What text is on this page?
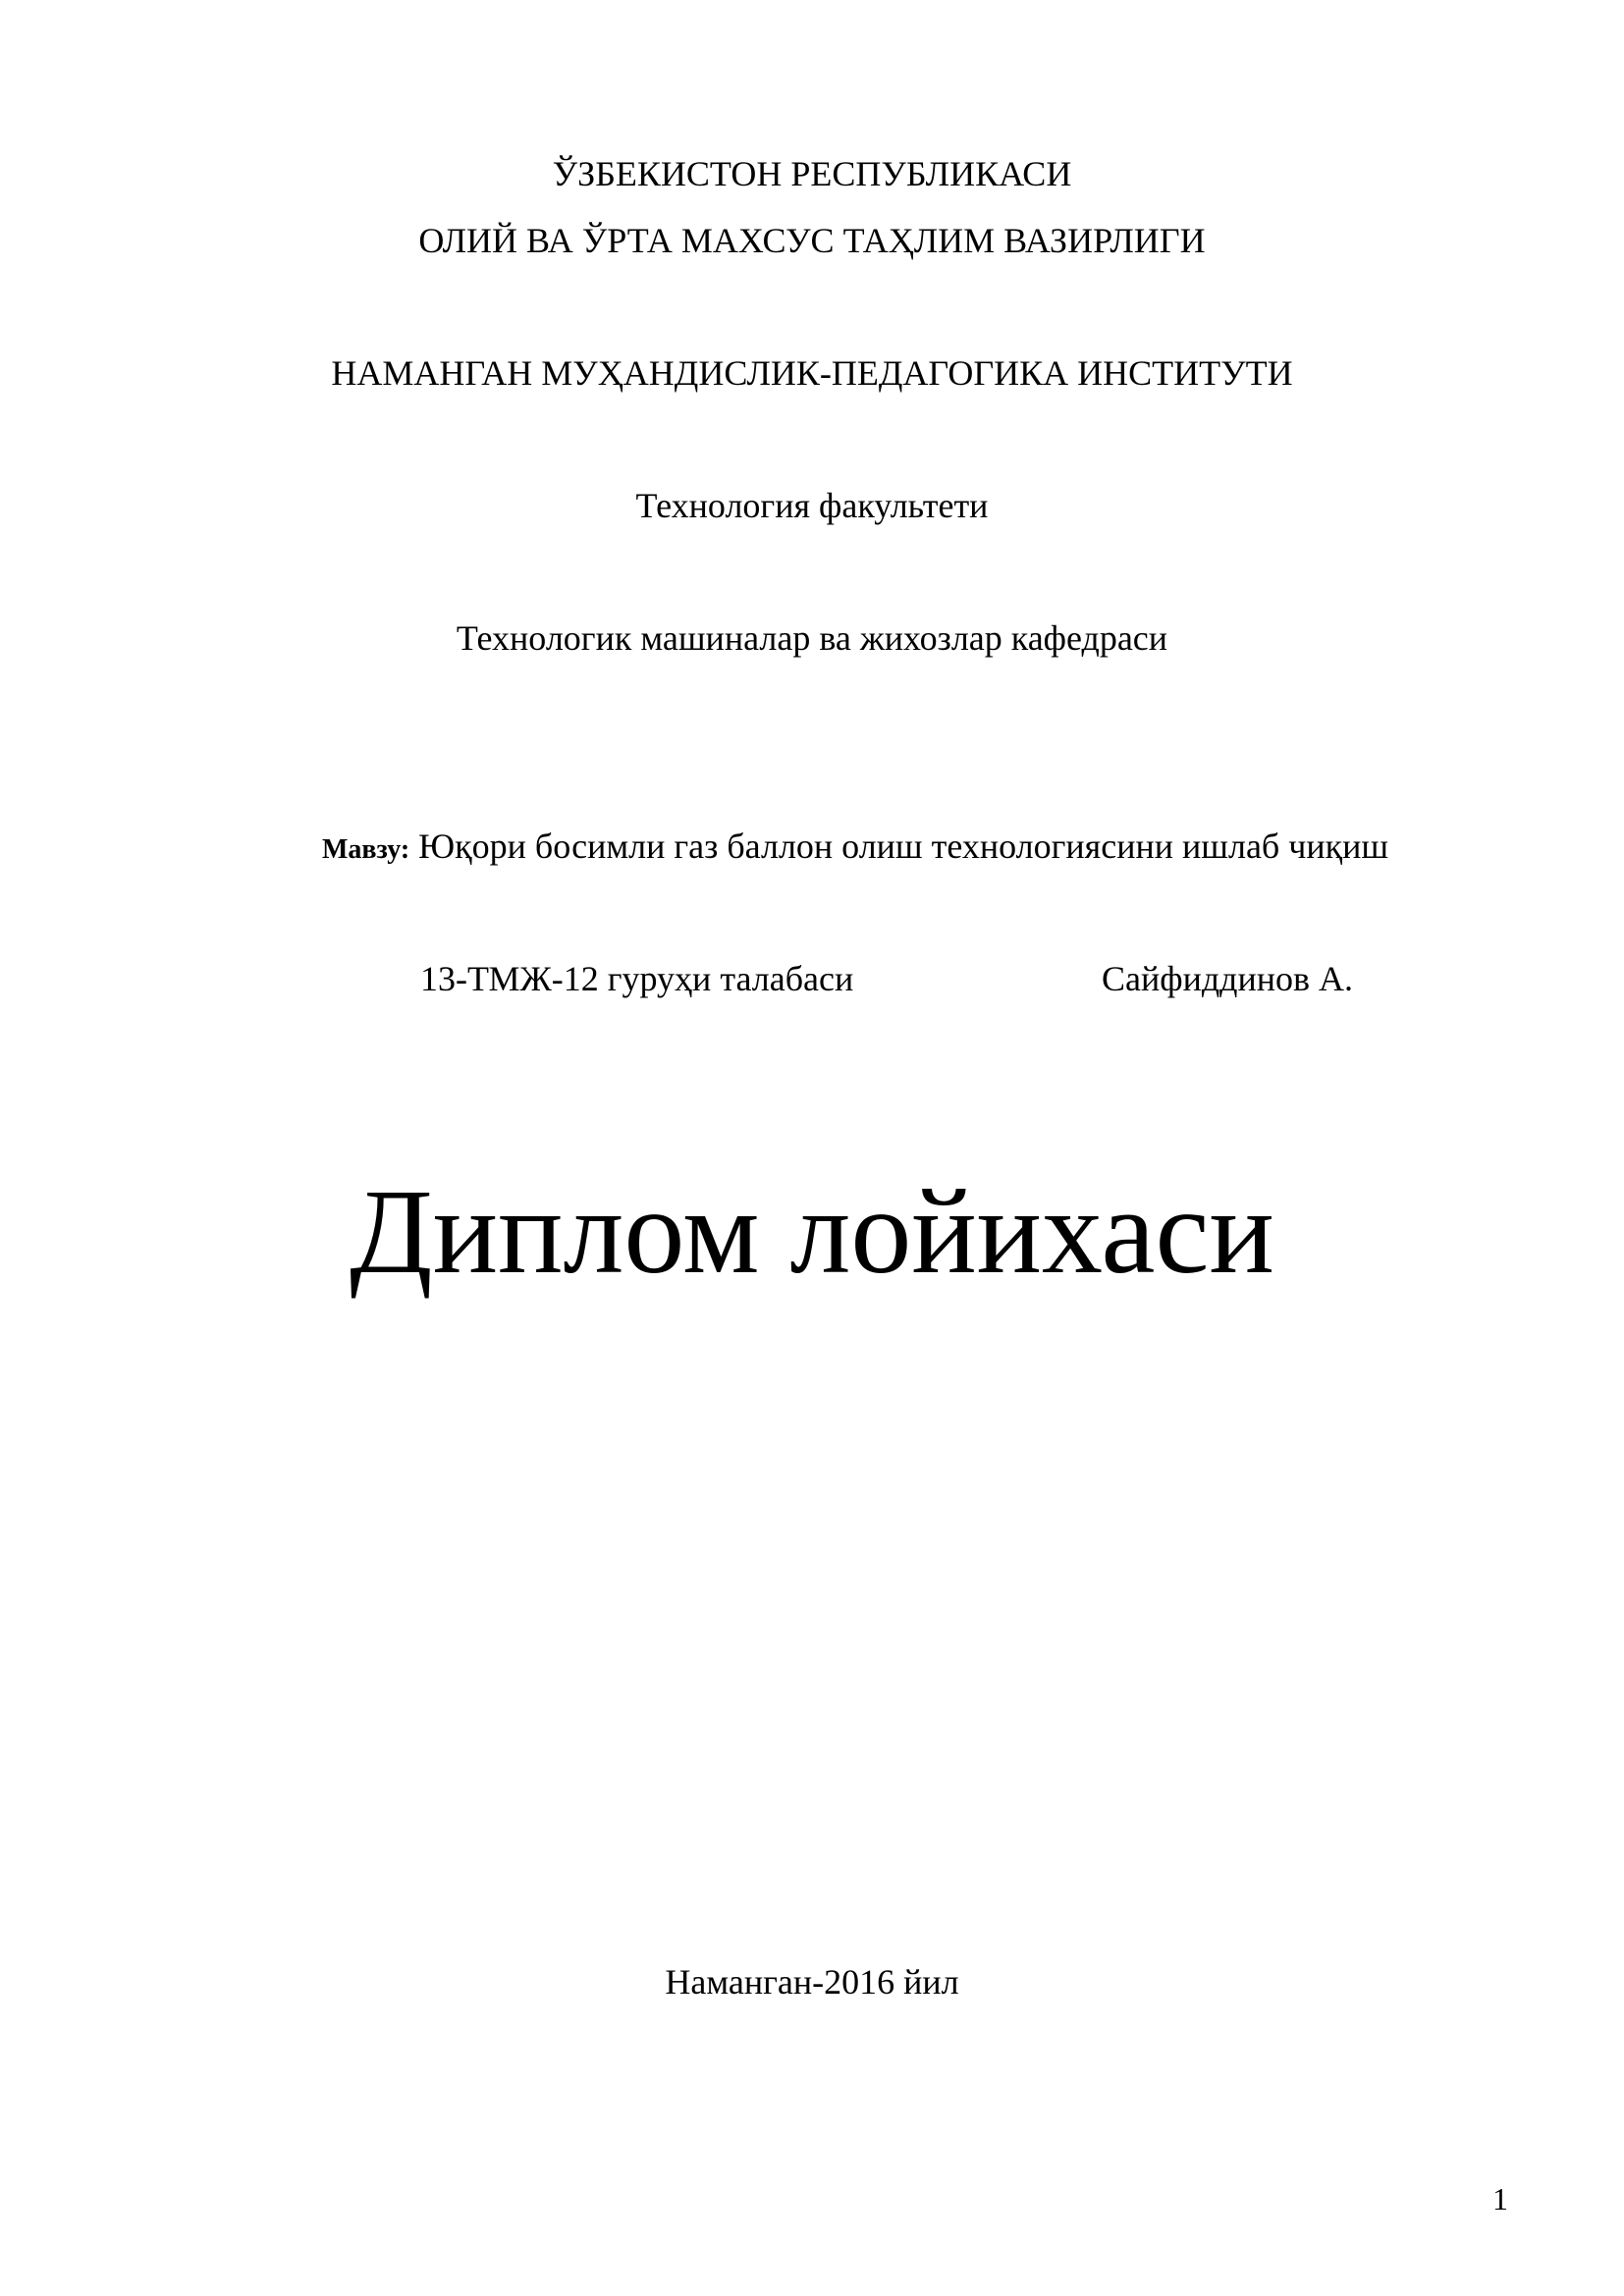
ЎЗБЕКИСТОН РЕСПУБЛИКАСИ
ОЛИЙ ВА ЎРТА МАХСУС ТАҲЛИМ ВАЗИРЛИГИ
НАМАНГАН МУҲАНДИСЛИК-ПЕДАГОГИКА ИНСТИТУТИ
Технология факультети
Технологик машиналар ва жихозлар кафедраси
Мавзу: Юқори босимли газ баллон олиш технологиясини ишлаб чиқиш
13-ТМЖ-12 гуруҳи талабаси	Сайфиддинов А.
Диплом лойихаси
Наманган-2016 йил
1
